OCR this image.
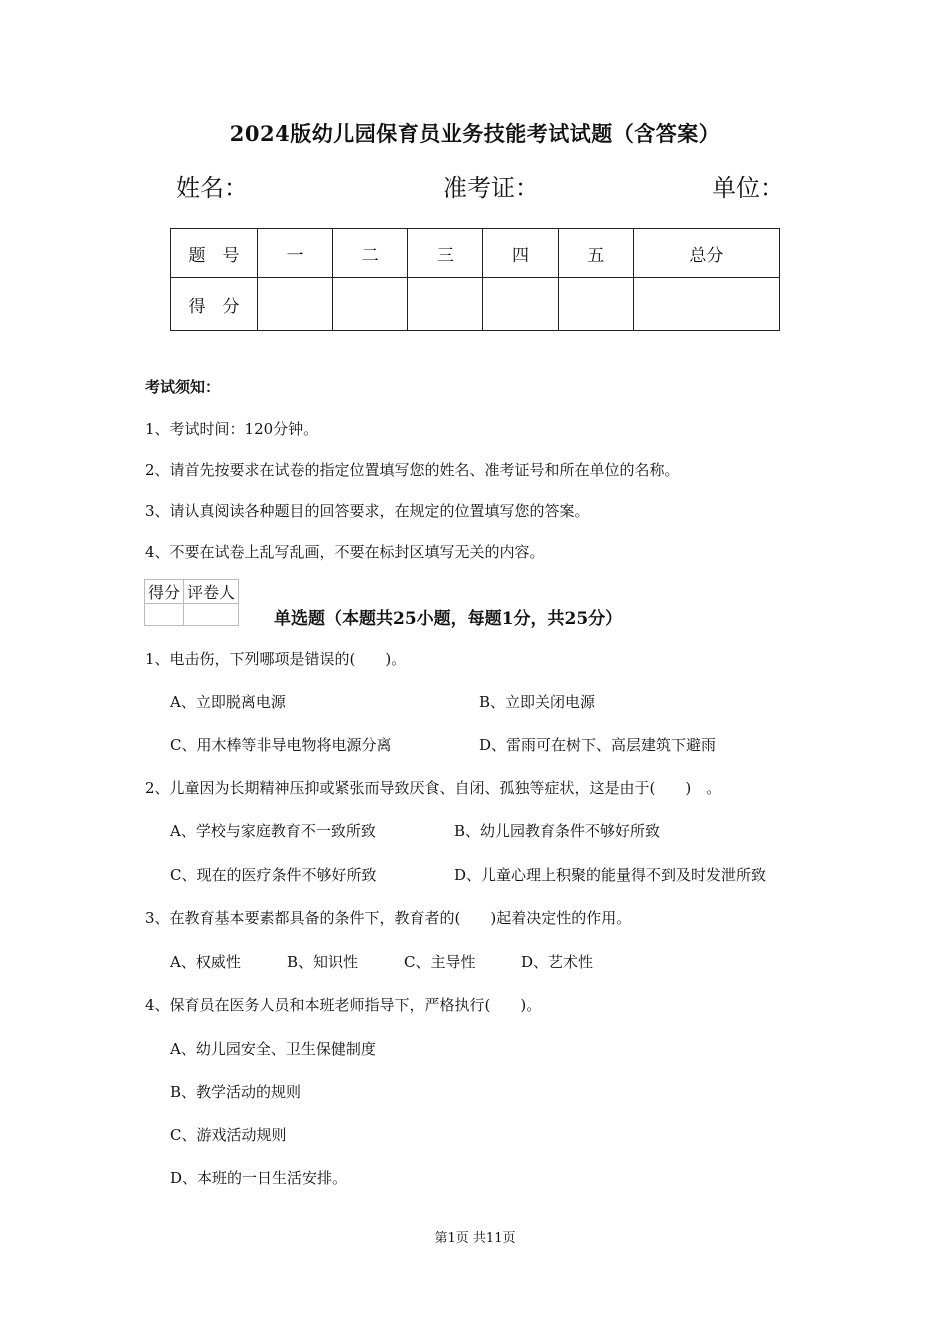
2024版幼儿园保育员业务技能考试试题（含答案）
姓名：	准考证：	单位：
题　号	一	二	三	四	五	总分
得　分						
考试须知：
1、考试时间：120分钟。
2、请首先按要求在试卷的指定位置填写您的姓名、准考证号和所在单位的名称。
3、请认真阅读各种题目的回答要求，在规定的位置填写您的答案。
4、不要在试卷上乱写乱画，不要在标封区填写无关的内容。
得分	评卷人

单选题（本题共25小题，每题1分，共25分）
1、电击伤，下列哪项是错误的(　　)。
A、立即脱离电源	B、立即关闭电源
C、用木棒等非导电物将电源分离	D、雷雨可在树下、高层建筑下避雨
2、儿童因为长期精神压抑或紧张而导致厌食、自闭、孤独等症状，这是由于(　　)　。
A、学校与家庭教育不一致所致	B、幼儿园教育条件不够好所致
C、现在的医疗条件不够好所致	D、儿童心理上积聚的能量得不到及时发泄所致
3、在教育基本要素都具备的条件下，教育者的(　　)起着决定性的作用。
A、权威性	B、知识性	C、主导性	D、艺术性
4、保育员在医务人员和本班老师指导下，严格执行(　　)。
A、幼儿园安全、卫生保健制度
B、教学活动的规则
C、游戏活动规则
D、本班的一日生活安排。
第1页 共11页
